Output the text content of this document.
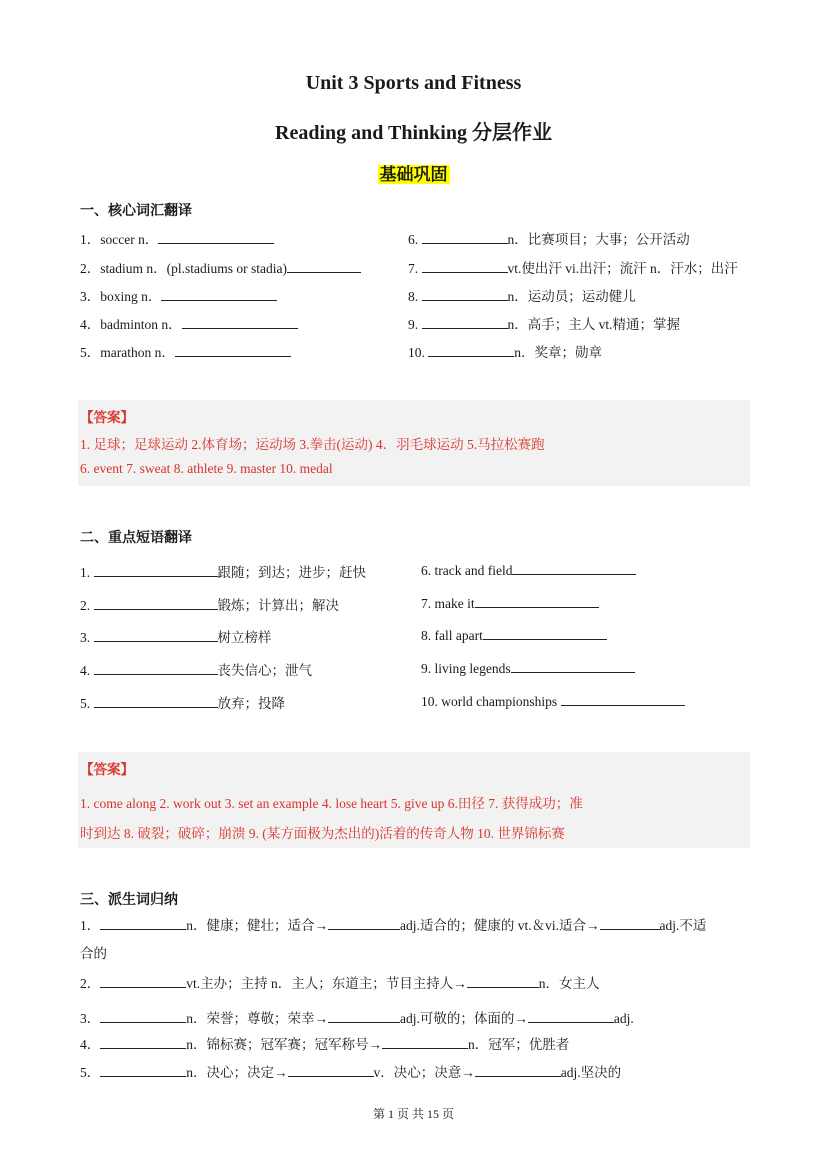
Unit 3 Sports and Fitness
Reading and Thinking 分层作业
基础巩固
一、核心词汇翻译
1．soccer n．
2．stadium n．(pl.stadiums or stadia)
3．boxing n．
4．badminton n．
5．marathon n．
6.	n．比赛项目；大事；公开活动
7.	vt.使出汗 vi.出汗；流汗 n．汗水；出汗
8.	n．运动员；运动健儿
9.	n．高手；主人 vt.精通；掌握
10.	n．奖章；勋章
【答案】
1. 足球；足球运动 2.体育场；运动场 3.拳击(运动) 4．羽毛球运动 5.马拉松赛跑
6. event 7. sweat 8. athlete 9. master 10. medal
二、重点短语翻译
1.	跟随；到达；进步；赶快
2.	锻炼；计算出；解决
3.	树立榜样
4.	丧失信心；泄气
5.	放弃；投降
6. track and field
7. make it
8. fall apart
9. living legends
10. world championships
【答案】
1. come along 2. work out 3. set an example 4. lose heart 5. give up 6.田径 7. 获得成功；准
时到达 8. 破裂；破碎；崩溃 9. (某方面极为杰出的)活着的传奇人物 10. 世界锦标赛
三、派生词归纳
1．	n．健康；健壮；适合→	adj.适合的；健康的 vt.＆vi.适合→	adj.不适
合的
2．	vt.主办；主持 n．主人；东道主；节目主持人→	n．女主人
3．	n．荣誉；尊敬；荣幸→	adj.可敬的；体面的→	adj.
4．	n．锦标赛；冠军赛；冠军称号→	n．冠军；优胜者
5．	n．决心；决定→	v．决心；决意→	adj.坚决的
第 1 页 共 15 页
